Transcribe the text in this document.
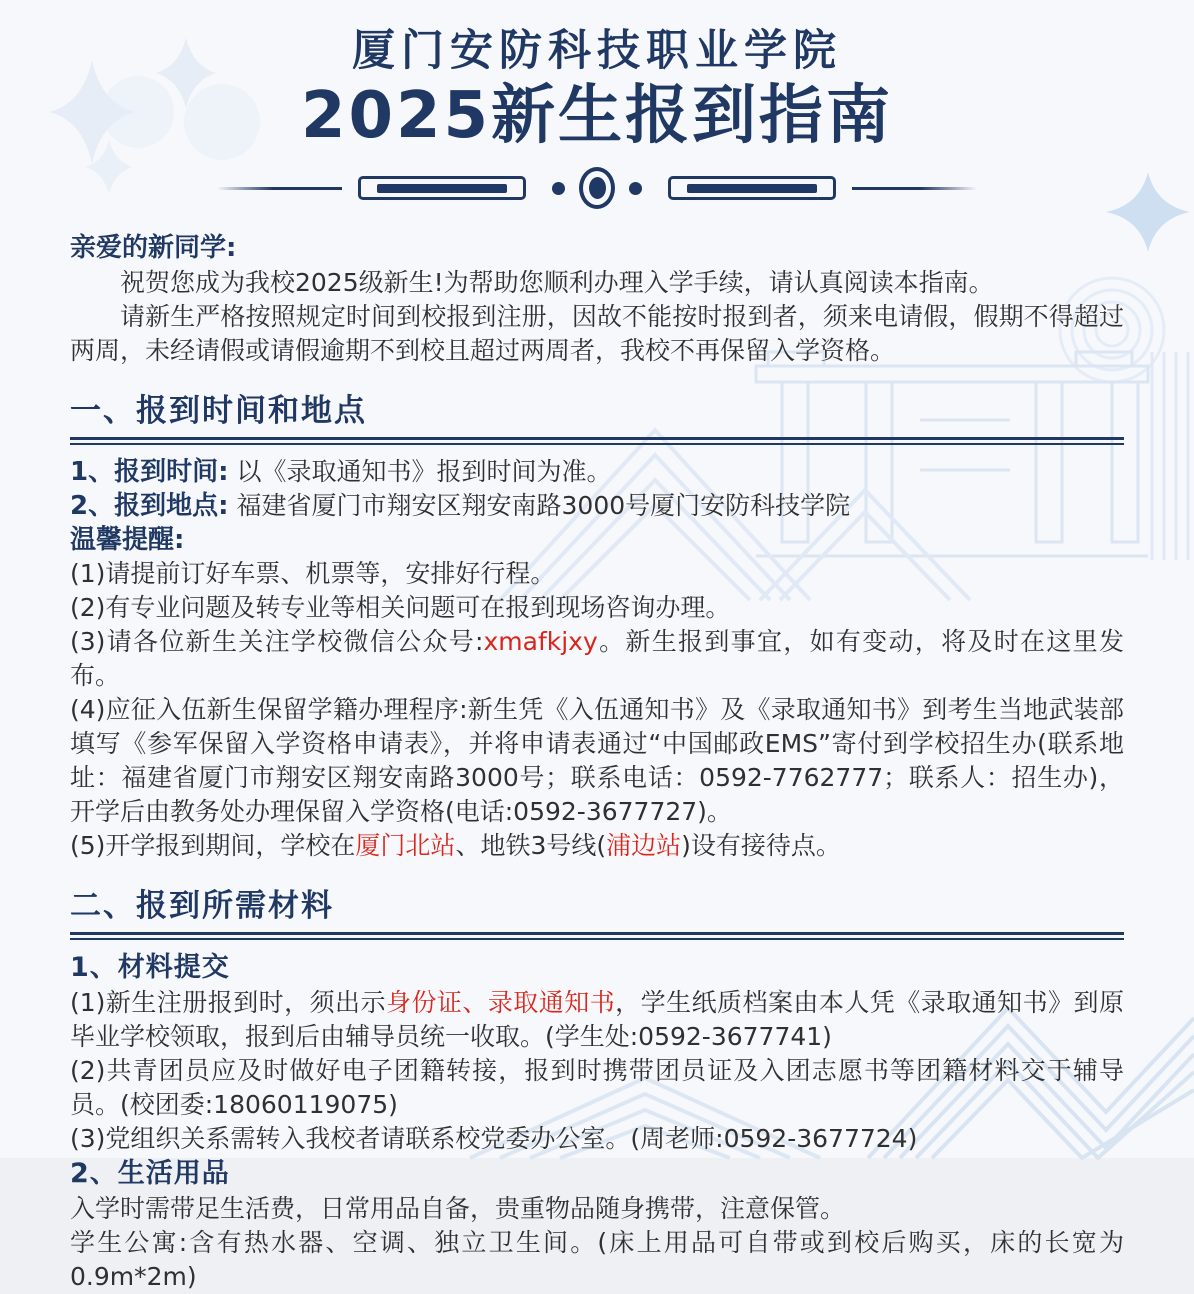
厦门安防科技职业学院
2025新生报到指南
亲爱的新同学:

祝贺您成为我校2025级新生!为帮助您顺利办理入学手续，请认真阅读本指南。

请新生严格按照规定时间到校报到注册，因故不能按时报到者，须来电请假，假期不得超过两周，未经请假或请假逾期不到校且超过两周者，我校不再保留入学资格。

一、报到时间和地点
1、报到时间: 以《录取通知书》报到时间为准。
2、报到地点: 福建省厦门市翔安区翔安南路3000号厦门安防科技学院
温馨提醒:
(1)请提前订好车票、机票等，安排好行程。
(2)有专业问题及转专业等相关问题可在报到现场咨询办理。
(3)请各位新生关注学校微信公众号:xmafkjxy。新生报到事宜，如有变动，将及时在这里发布。
(4)应征入伍新生保留学籍办理程序:新生凭《入伍通知书》及《录取通知书》到考生当地武装部填写《参军保留入学资格申请表》，并将申请表通过“中国邮政EMS”寄付到学校招生办(联系地址：福建省厦门市翔安区翔安南路3000号；联系电话：0592-7762777；联系人：招生办)，开学后由教务处办理保留入学资格(电话:0592-3677727)。
(5)开学报到期间，学校在厦门北站、地铁3号线(浦边站)设有接待点。
二、报到所需材料
1、材料提交
(1)新生注册报到时，须出示身份证、录取通知书，学生纸质档案由本人凭《录取通知书》到原毕业学校领取，报到后由辅导员统一收取。(学生处:0592-3677741)
(2)共青团员应及时做好电子团籍转接，报到时携带团员证及入团志愿书等团籍材料交于辅导员。(校团委:18060119075)
(3)党组织关系需转入我校者请联系校党委办公室。(周老师:0592-3677724)
2、生活用品
入学时需带足生活费，日常用品自备，贵重物品随身携带，注意保管。
学生公寓:含有热水器、空调、独立卫生间。(床上用品可自带或到校后购买，床的长宽为0.9m*2m)
